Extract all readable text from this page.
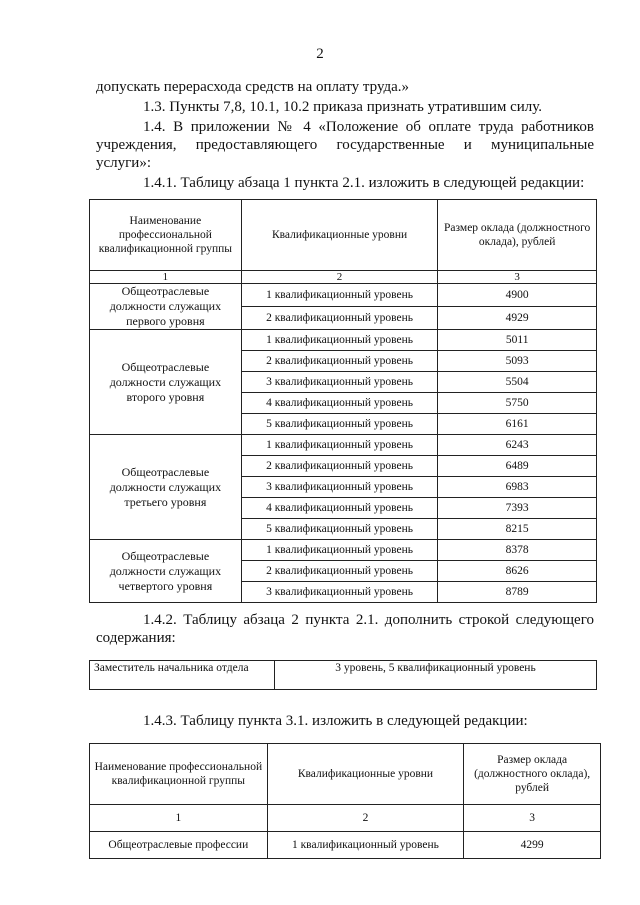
2
допускать перерасхода средств на оплату труда.»
1.3. Пункты 7,8, 10.1, 10.2 приказа признать утратившим силу.
1.4. В приложении № 4 «Положение об оплате труда работников
учреждения, предоставляющего государственные и муниципальные
услуги»:
1.4.1. Таблицу абзаца 1 пункта 2.1. изложить в следующей редакции:
Наименование профессиональной квалификационной группы	Квалификационные уровни	Размер оклада (должностного оклада), рублей
1	2	3
Общеотраслевые должности служащих первого уровня	1 квалификационный уровень	4900
	2 квалификационный уровень	4929
Общеотраслевые должности служащих второго уровня	1 квалификационный уровень	5011
	2 квалификационный уровень	5093
	3 квалификационный уровень	5504
	4 квалификационный уровень	5750
	5 квалификационный уровень	6161
Общеотраслевые должности служащих третьего уровня	1 квалификационный уровень	6243
	2 квалификационный уровень	6489
	3 квалификационный уровень	6983
	4 квалификационный уровень	7393
	5 квалификационный уровень	8215
Общеотраслевые должности служащих четвертого уровня	1 квалификационный уровень	8378
	2 квалификационный уровень	8626
	3 квалификационный уровень	8789
1.4.2. Таблицу абзаца 2 пункта 2.1. дополнить строкой следующего
содержания:
Заместитель начальника отдела	3 уровень, 5 квалификационный уровень
1.4.3. Таблицу пункта 3.1. изложить в следующей редакции:
Наименование профессиональной квалификационной группы	Квалификационные уровни	Размер оклада (должностного оклада), рублей
1	2	3
Общеотраслевые профессии	1 квалификационный уровень	4299
